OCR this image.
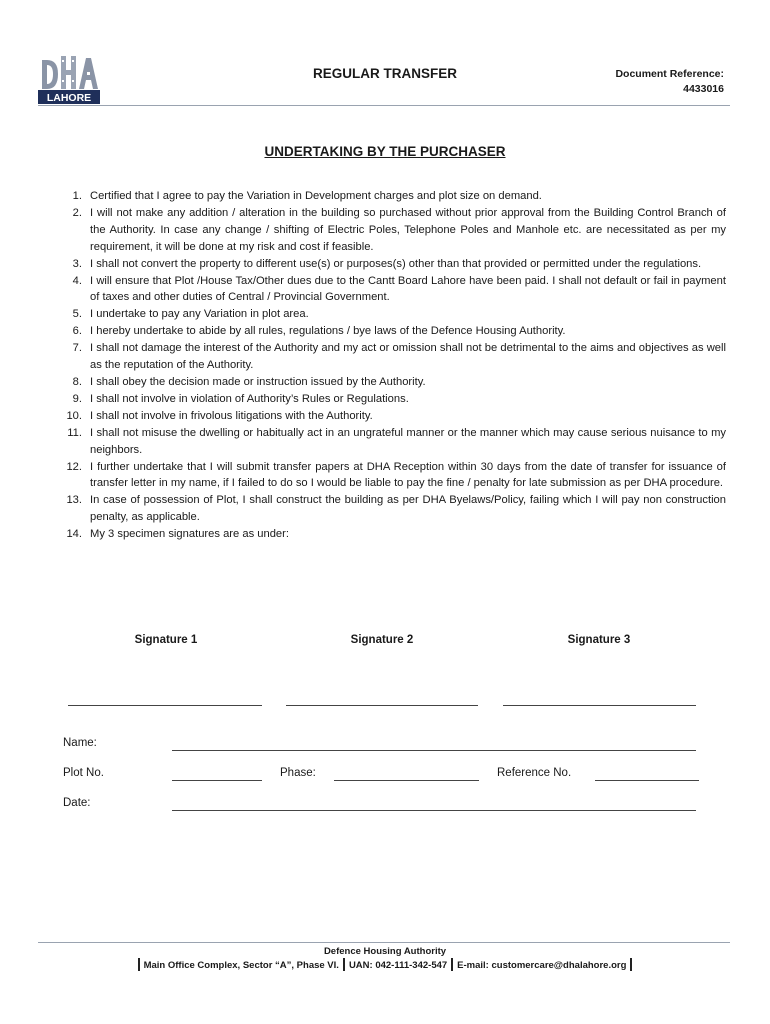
LAHORE
REGULAR TRANSFER	Document Reference:
4433016
UNDERTAKING BY THE PURCHASER
1. Certified that I agree to pay the Variation in Development charges and plot size on demand.
2. I will not make any addition / alteration in the building so purchased without prior approval from the Building Control Branch of the Authority. In case any change / shifting of Electric Poles, Telephone Poles and Manhole etc. are necessitated as per my requirement, it will be done at my risk and cost if feasible.
3. I shall not convert the property to different use(s) or purposes(s) other than that provided or permitted under the regulations.
4. I will ensure that Plot /House Tax/Other dues due to the Cantt Board Lahore have been paid. I shall not default or fail in payment of taxes and other duties of Central / Provincial Government.
5. I undertake to pay any Variation in plot area.
6. I hereby undertake to abide by all rules, regulations / bye laws of the Defence Housing Authority.
7. I shall not damage the interest of the Authority and my act or omission shall not be detrimental to the aims and objectives as well as the reputation of the Authority.
8. I shall obey the decision made or instruction issued by the Authority.
9. I shall not involve in violation of Authority’s Rules or Regulations.
10. I shall not involve in frivolous litigations with the Authority.
11. I shall not misuse the dwelling or habitually act in an ungrateful manner or the manner which may cause serious nuisance to my neighbors.
12. I further undertake that I will submit transfer papers at DHA Reception within 30 days from the date of transfer for issuance of transfer letter in my name, if I failed to do so I would be liable to pay the fine / penalty for late submission as per DHA procedure.
13. In case of possession of Plot, I shall construct the building as per DHA Byelaws/Policy, failing which I will pay non construction penalty, as applicable.
14. My 3 specimen signatures are as under:
Signature 1	Signature 2	Signature 3
Name:
Plot No.	Phase:	Reference No.
Date:
Defence Housing Authority
Main Office Complex, Sector “A”, Phase VI. UAN: 042-111-342-547 E-mail: customercare@dhalahore.org
